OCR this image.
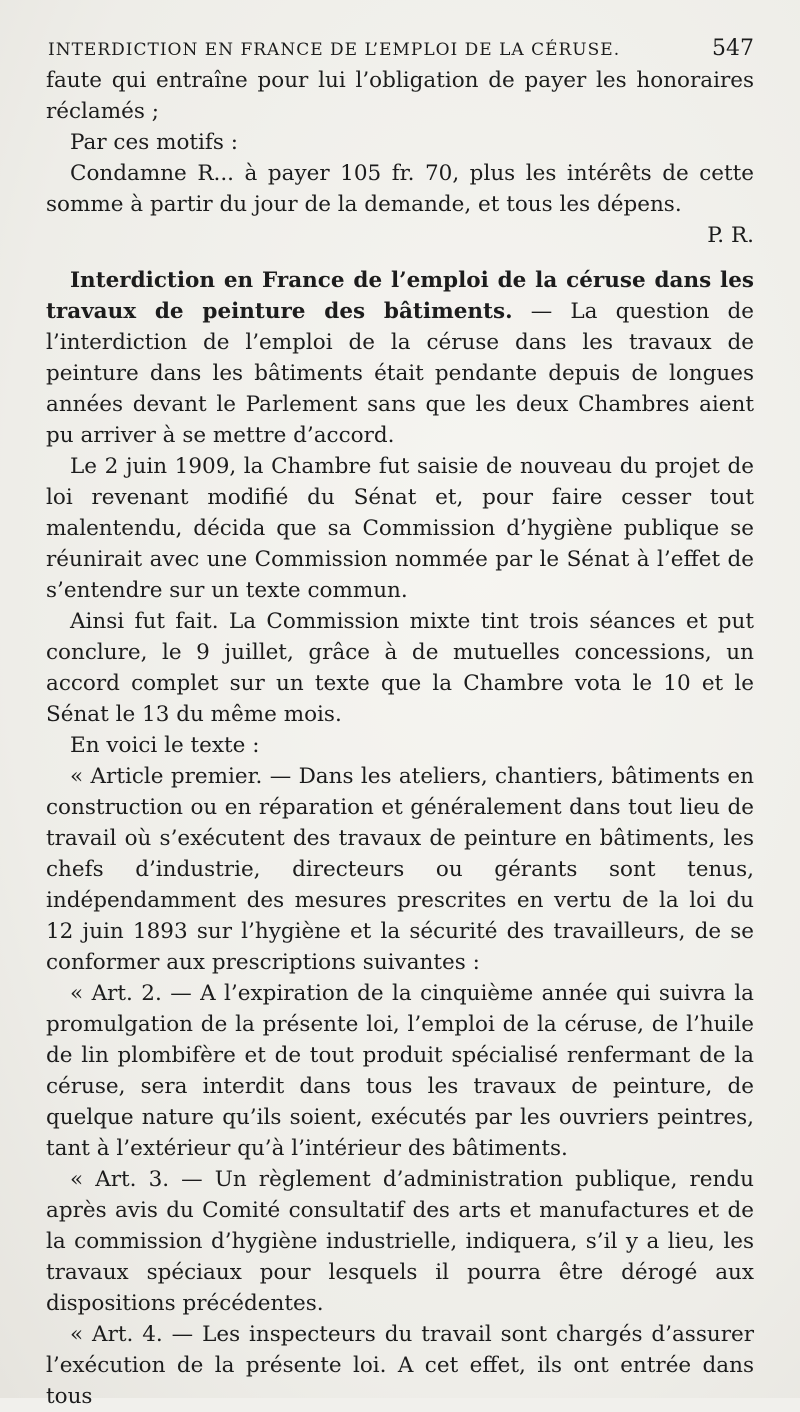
INTERDICTION EN FRANCE DE L’EMPLOI DE LA CÉRUSE.	547

faute qui entraîne pour lui l’obligation de payer les honoraires réclamés ;

Par ces motifs :

Condamne R... à payer 105 fr. 70, plus les intérêts de cette somme à partir du jour de la demande, et tous les dépens.

P. R.

Interdiction en France de l’emploi de la céruse dans les travaux de peinture des bâtiments. — La question de l’interdiction de l’emploi de la céruse dans les travaux de peinture dans les bâtiments était pendante depuis de longues années devant le Parlement sans que les deux Chambres aient pu arriver à se mettre d’accord.

Le 2 juin 1909, la Chambre fut saisie de nouveau du projet de loi revenant modifié du Sénat et, pour faire cesser tout malentendu, décida que sa Commission d’hygiène publique se réunirait avec une Commission nommée par le Sénat à l’effet de s’entendre sur un texte commun.

Ainsi fut fait. La Commission mixte tint trois séances et put conclure, le 9 juillet, grâce à de mutuelles concessions, un accord complet sur un texte que la Chambre vota le 10 et le Sénat le 13 du même mois.

En voici le texte :

« Article premier. — Dans les ateliers, chantiers, bâtiments en construction ou en réparation et généralement dans tout lieu de travail où s’exécutent des travaux de peinture en bâtiments, les chefs d’industrie, directeurs ou gérants sont tenus, indépendamment des mesures prescrites en vertu de la loi du 12 juin 1893 sur l’hygiène et la sécurité des travailleurs, de se conformer aux prescriptions suivantes :

« Art. 2. — A l’expiration de la cinquième année qui suivra la promulgation de la présente loi, l’emploi de la céruse, de l’huile de lin plombifère et de tout produit spécialisé renfermant de la céruse, sera interdit dans tous les travaux de peinture, de quelque nature qu’ils soient, exécutés par les ouvriers peintres, tant à l’extérieur qu’à l’intérieur des bâtiments.

« Art. 3. — Un règlement d’administration publique, rendu après avis du Comité consultatif des arts et manufactures et de la commission d’hygiène industrielle, indiquera, s’il y a lieu, les travaux spéciaux pour lesquels il pourra être dérogé aux dispositions précédentes.

« Art. 4. — Les inspecteurs du travail sont chargés d’assurer l’exécution de la présente loi. A cet effet, ils ont entrée dans tous
